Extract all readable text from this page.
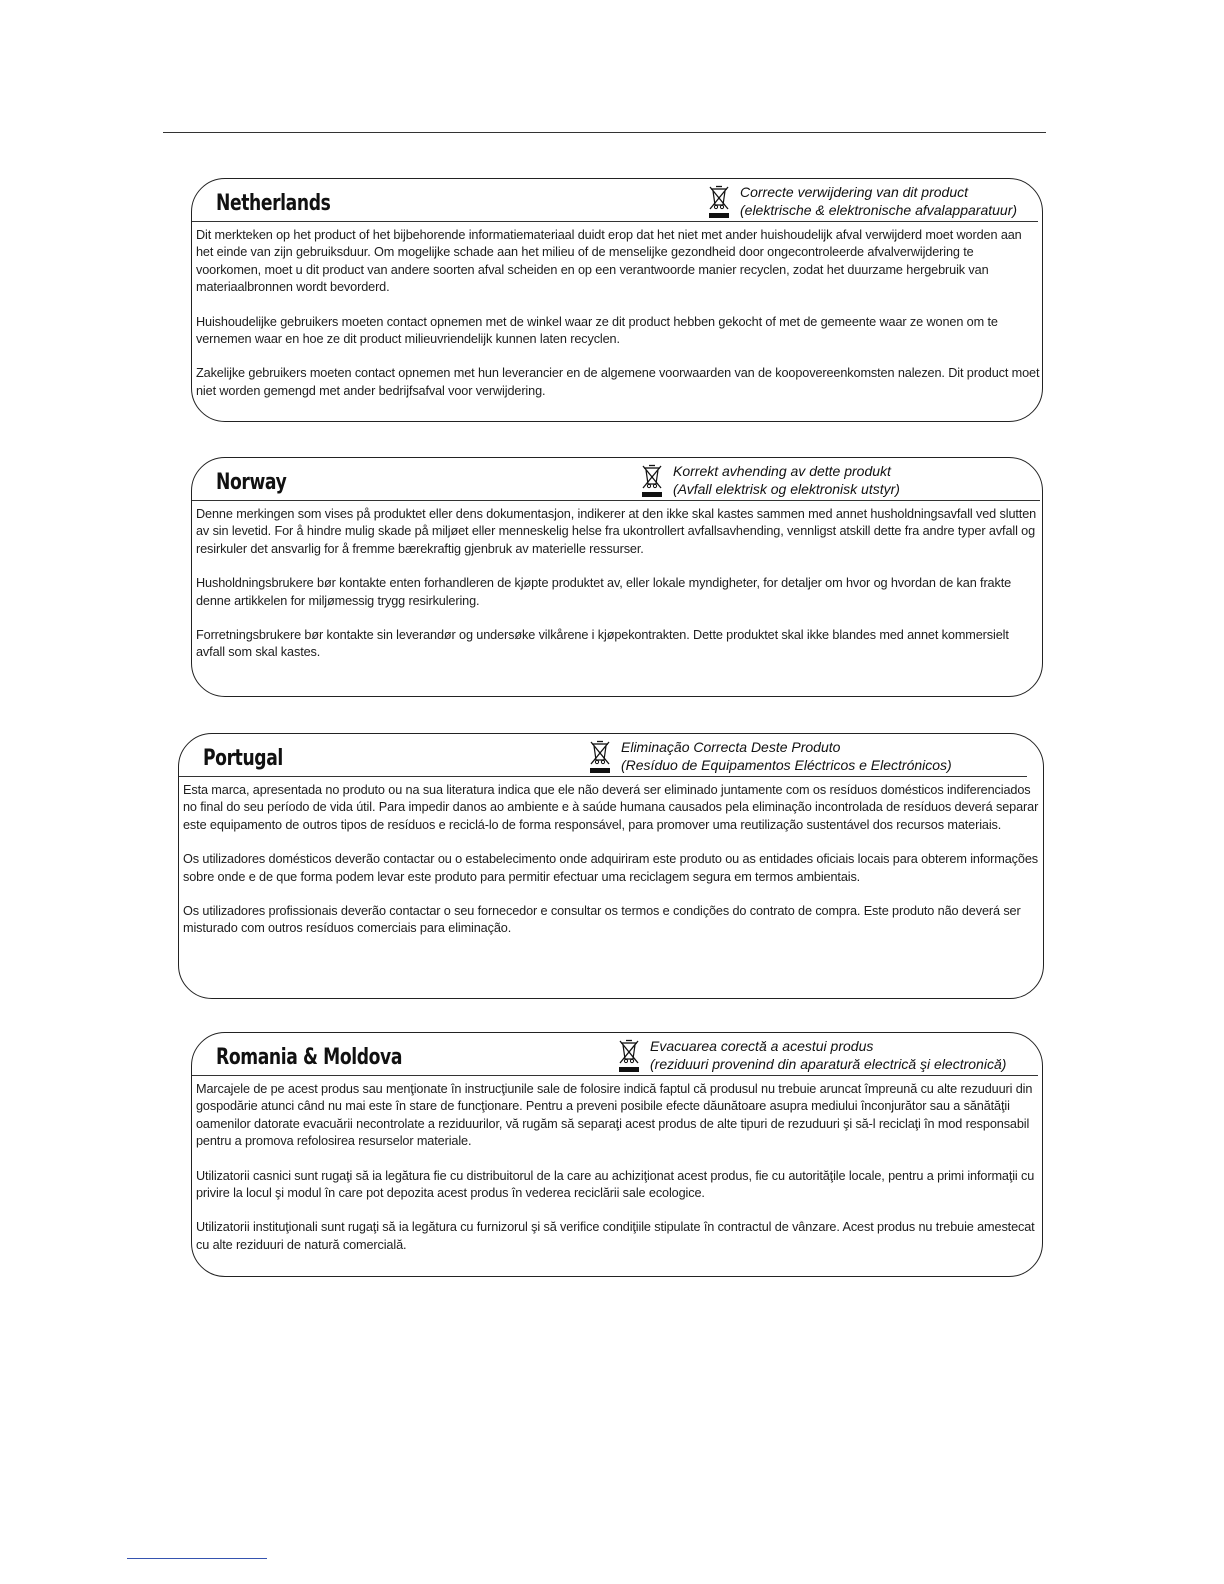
Netherlands	Correcte verwijdering van dit product
(elektrische & elektronische afvalapparatuur)

Dit merkteken op het product of het bijbehorende informatiemateriaal duidt erop dat het niet met ander huishoudelijk afval verwijderd moet worden aan het einde van zijn gebruiksduur. Om mogelijke schade aan het milieu of de menselijke gezondheid door ongecontroleerde afvalverwijdering te voorkomen, moet u dit product van andere soorten afval scheiden en op een verantwoorde manier recyclen, zodat het duurzame hergebruik van materiaalbronnen wordt bevorderd.

Huishoudelijke gebruikers moeten contact opnemen met de winkel waar ze dit product hebben gekocht of met de gemeente waar ze wonen om te vernemen waar en hoe ze dit product milieuvriendelijk kunnen laten recyclen.

Zakelijke gebruikers moeten contact opnemen met hun leverancier en de algemene voorwaarden van de koopovereenkomsten nalezen. Dit product moet niet worden gemengd met ander bedrijfsafval voor verwijdering.

Norway	Korrekt avhending av dette produkt
(Avfall elektrisk og elektronisk utstyr)

Denne merkingen som vises på produktet eller dens dokumentasjon, indikerer at den ikke skal kastes sammen med annet husholdningsavfall ved slutten av sin levetid. For å hindre mulig skade på miljøet eller menneskelig helse fra ukontrollert avfallsavhending, vennligst atskill dette fra andre typer avfall og resirkuler det ansvarlig for å fremme bærekraftig gjenbruk av materielle ressurser.

Husholdningsbrukere bør kontakte enten forhandleren de kjøpte produktet av, eller lokale myndigheter, for detaljer om hvor og hvordan de kan frakte denne artikkelen for miljømessig trygg resirkulering.

Forretningsbrukere bør kontakte sin leverandør og undersøke vilkårene i kjøpekontrakten. Dette produktet skal ikke blandes med annet kommersielt avfall som skal kastes.

Portugal	Eliminação Correcta Deste Produto
(Resíduo de Equipamentos Eléctricos e Electrónicos)

Esta marca, apresentada no produto ou na sua literatura indica que ele não deverá ser eliminado juntamente com os resíduos domésticos indiferenciados no final do seu período de vida útil. Para impedir danos ao ambiente e à saúde humana causados pela eliminação incontrolada de resíduos deverá separar este equipamento de outros tipos de resíduos e reciclá-lo de forma responsável, para promover uma reutilização sustentável dos recursos materiais.

Os utilizadores domésticos deverão contactar ou o estabelecimento onde adquiriram este produto ou as entidades oficiais locais para obterem informações sobre onde e de que forma podem levar este produto para permitir efectuar uma reciclagem segura em termos ambientais.

Os utilizadores profissionais deverão contactar o seu fornecedor e consultar os termos e condições do contrato de compra. Este produto não deverá ser misturado com outros resíduos comerciais para eliminação.

Romania & Moldova	Evacuarea corectă a acestui produs
(reziduuri provenind din aparatură electrică şi electronică)

Marcajele de pe acest produs sau menţionate în instrucţiunile sale de folosire indică faptul că produsul nu trebuie aruncat împreună cu alte rezuduuri din gospodărie atunci când nu mai este în stare de funcţionare. Pentru a preveni posibile efecte dăunătoare asupra mediului înconjurător sau a sănătăţii oamenilor datorate evacuării necontrolate a reziduurilor, vă rugăm să separaţi acest produs de alte tipuri de rezuduuri şi să-l reciclaţi în mod responsabil pentru a promova refolosirea resurselor materiale.

Utilizatorii casnici sunt rugaţi să ia legătura fie cu distribuitorul de la care au achiziţionat acest produs, fie cu autorităţile locale, pentru a primi informaţii cu privire la locul şi modul în care pot depozita acest produs în vederea reciclării sale ecologice.

Utilizatorii instituţionali sunt rugaţi să ia legătura cu furnizorul şi să verifice condiţiile stipulate în contractul de vânzare. Acest produs nu trebuie amestecat cu alte reziduuri de natură comercială.
